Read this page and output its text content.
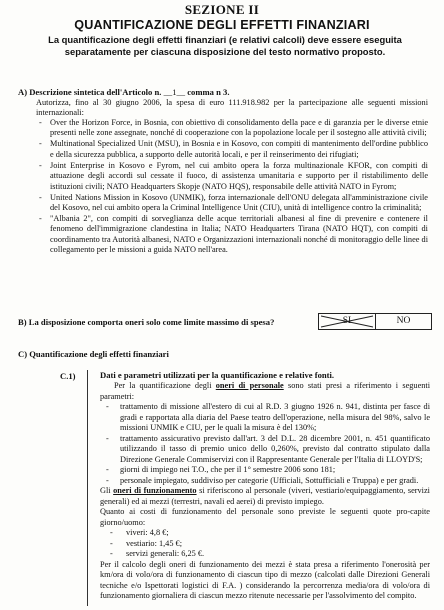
SEZIONE II
QUANTIFICAZIONE DEGLI EFFETTI FINANZIARI
La quantificazione degli effetti finanziari (e relativi calcoli) deve essere eseguita separatamente per ciascuna disposizione del testo normativo proposto.
A) Descrizione sintetica dell'Articolo n. __1__ comma n 3.
Autorizza, fino al 30 giugno 2006, la spesa di euro 111.918.982 per la partecipazione alle seguenti missioni internazionali:
- Over the Horizon Force, in Bosnia, con obiettivo di consolidamento della pace e di garanzia per le diverse etnie presenti nelle zone assegnate, nonché di cooperazione con la popolazione locale per il sostegno alle attività civili;
- Multinational Specialized Unit (MSU), in Bosnia e in Kosovo, con compiti di mantenimento dell'ordine pubblico e della sicurezza pubblica, a supporto delle autorità locali, e per il reinserimento dei rifugiati;
- Joint Enterprise in Kosovo e Fyrom, nel cui ambito opera la forza multinazionale KFOR, con compiti di attuazione degli accordi sul cessate il fuoco, di assistenza umanitaria e supporto per il ristabilimento delle istituzioni civili; NATO Headquarters Skopje (NATO HQS), responsabile delle attività NATO in Fyrom;
- United Nations Mission in Kosovo (UNMIK), forza internazionale dell'ONU delegata all'amministrazione civile del Kosovo, nel cui ambito opera la Criminal Intelligence Unit (CIU), unità di intelligence contro la criminalità;
- "Albania 2", con compiti di sorveglianza delle acque territoriali albanesi al fine di prevenire e contenere il fenomeno dell'immigrazione clandestina in Italia; NATO Headquarters Tirana (NATO HQT), con compiti di coordinamento tra Autorità albanesi, NATO e Organizzazioni internazionali nonché di monitoraggio delle linee di collegamento per le missioni a guida NATO nell'area.
B) La disposizione comporta oneri solo come limite massimo di spesa?	NO
C) Quantificazione degli effetti finanziari
C.1)	Dati e parametri utilizzati per la quantificazione e relative fonti.

Per la quantificazione degli oneri di personale sono stati presi a riferimento i seguenti parametri:

- trattamento di missione all'estero di cui al R.D. 3 giugno 1926 n. 941, distinta per fasce di gradi e rapportata alla diaria del Paese teatro dell'operazione, nella misura del 98%, salvo le missioni UNMIK e CIU, per le quali la misura è del 130%;
- trattamento assicurativo previsto dall'art. 3 del D.L. 28 dicembre 2001, n. 451 quantificato utilizzando il tasso di premio unico dello 0,260%, previsto dal contratto stipulato dalla Direzione Generale Commiservizi con il Rappresentante Generale per l'Italia di LLOYD'S;
- giorni di impiego nei T.O., che per il 1° semestre 2006 sono 181;
- personale impiegato, suddiviso per categorie (Ufficiali, Sottufficiali e Truppa) e per gradi.

Gli oneri di funzionamento si riferiscono al personale (viveri, vestiario/equipaggiamento, servizi generali) ed ai mezzi (terrestri, navali ed aerei) di previsto impiego.

Quanto ai costi di funzionamento del personale sono previste le seguenti quote pro-capite giorno/uomo:

- viveri: 4,8 €;
- vestiario: 1,45 €;
- servizi generali: 6,25 €.

Per il calcolo degli oneri di funzionamento dei mezzi è stata presa a riferimento l'onerosità per km/ora di volo/ora di funzionamento di ciascun tipo di mezzo (calcolati dalle Direzioni Generali tecniche e/o Ispettorati logistici di F.A. ) considerando la percorrenza media/ora di volo/ora di funzionamento giornaliera di ciascun mezzo ritenute necessarie per l'assolvimento del compito.
